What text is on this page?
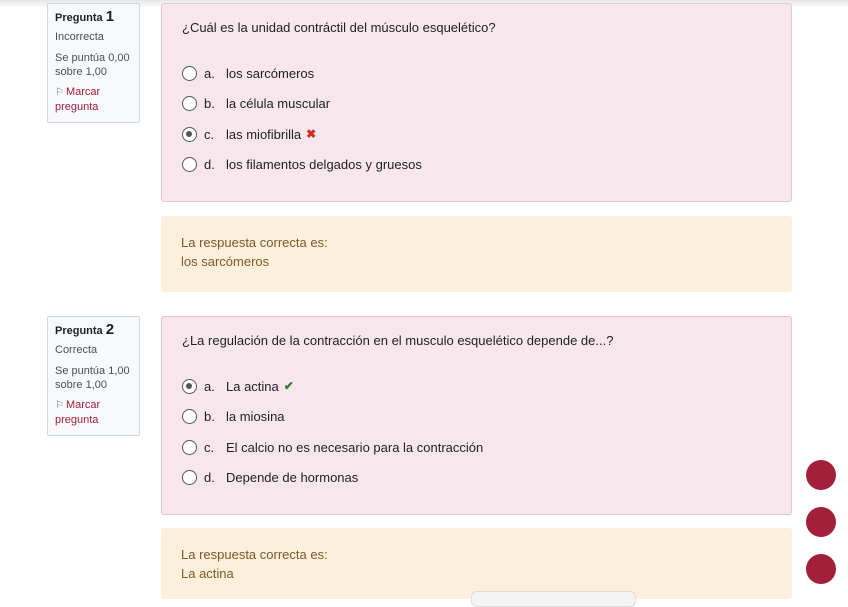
Pregunta 1
Incorrecta
Se puntúa 0,00 sobre 1,00
⚐ Marcar pregunta
¿Cuál es la unidad contráctil del músculo esquelético?
a. los sarcómeros
b. la célula muscular
c. las miofibrilla ✖
d. los filamentos delgados y gruesos
La respuesta correcta es:
los sarcómeros
Pregunta 2
Correcta
Se puntúa 1,00 sobre 1,00
⚐ Marcar pregunta
¿La regulación de la contracción en el musculo esquelético depende de...?
a. La actina ✔
b. la miosina
c. El calcio no es necesario para la contracción
d. Depende de hormonas
La respuesta correcta es:
La actina
